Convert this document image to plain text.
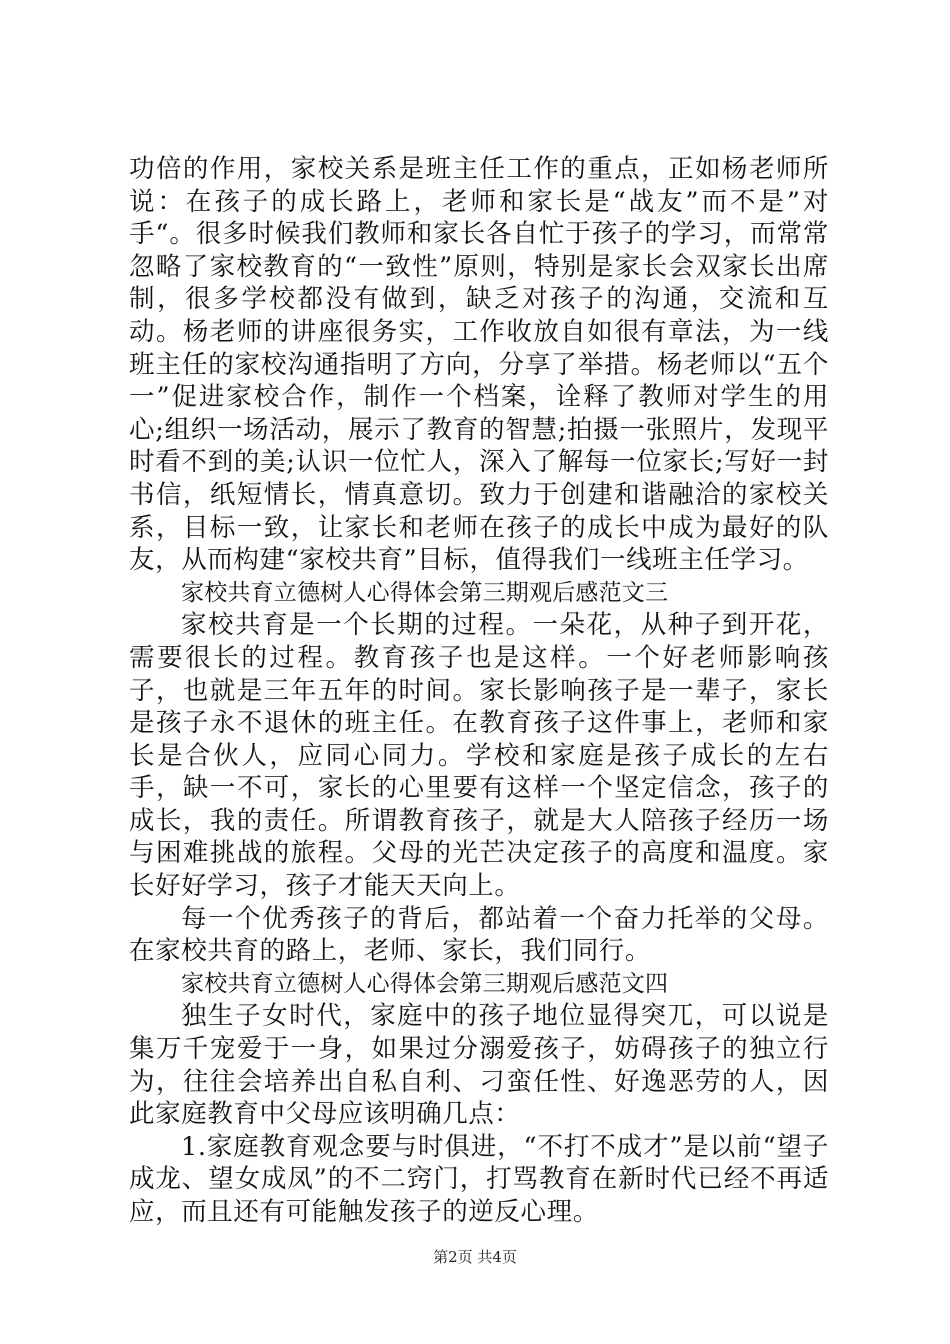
功倍的作用，家校关系是班主任工作的重点，正如杨老师所说：在孩子的成长路上，老师和家长是“战友”而不是”对手“。很多时候我们教师和家长各自忙于孩子的学习，而常常忽略了家校教育的“一致性”原则，特别是家长会双家长出席制，很多学校都没有做到，缺乏对孩子的沟通，交流和互动。杨老师的讲座很务实，工作收放自如很有章法，为一线班主任的家校沟通指明了方向，分享了举措。杨老师以“五个一”促进家校合作，制作一个档案，诠释了教师对学生的用心;组织一场活动，展示了教育的智慧;拍摄一张照片，发现平时看不到的美;认识一位忙人，深入了解每一位家长;写好一封书信，纸短情长，情真意切。致力于创建和谐融洽的家校关系，目标一致，让家长和老师在孩子的成长中成为最好的队友，从而构建“家校共育”目标，值得我们一线班主任学习。

家校共育立德树人心得体会第三期观后感范文三

家校共育是一个长期的过程。一朵花，从种子到开花，需要很长的过程。教育孩子也是这样。一个好老师影响孩子，也就是三年五年的时间。家长影响孩子是一辈子，家长是孩子永不退休的班主任。在教育孩子这件事上，老师和家长是合伙人，应同心同力。学校和家庭是孩子成长的左右手，缺一不可，家长的心里要有这样一个坚定信念，孩子的成长，我的责任。所谓教育孩子，就是大人陪孩子经历一场与困难挑战的旅程。父母的光芒决定孩子的高度和温度。家长好好学习，孩子才能天天向上。

每一个优秀孩子的背后，都站着一个奋力托举的父母。在家校共育的路上，老师、家长，我们同行。

家校共育立德树人心得体会第三期观后感范文四

独生子女时代，家庭中的孩子地位显得突兀，可以说是集万千宠爱于一身，如果过分溺爱孩子，妨碍孩子的独立行为，往往会培养出自私自利、刁蛮任性、好逸恶劳的人，因此家庭教育中父母应该明确几点：

1.家庭教育观念要与时俱进，“不打不成才”是以前“望子成龙、望女成凤”的不二窍门，打骂教育在新时代已经不再适应，而且还有可能触发孩子的逆反心理。

第2页 共4页
